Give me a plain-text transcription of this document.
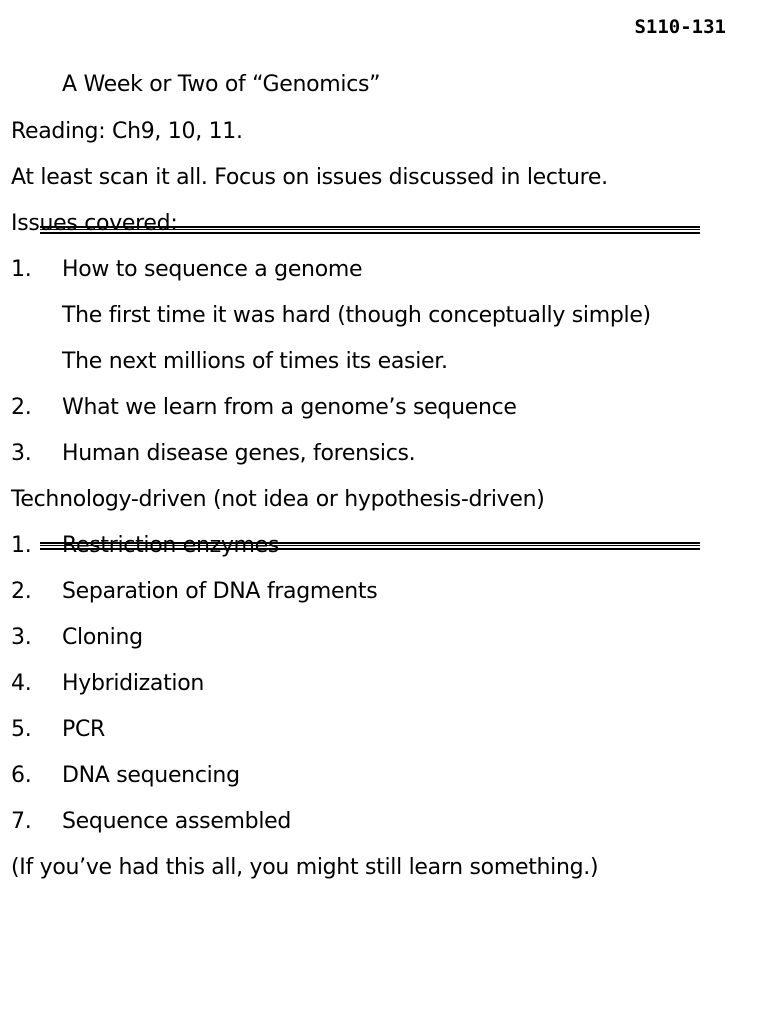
S110-131
A Week or Two of “Genomics”
Reading: Ch9, 10, 11.
At least scan it all. Focus on issues discussed in lecture.
Issues covered:
1. How to sequence a genome
The first time it was hard (though conceptually simple)
The next millions of times its easier.
2. What we learn from a genome’s sequence
3. Human disease genes, forensics.
Technology-driven (not idea or hypothesis-driven)
1. Restriction enzymes
2. Separation of DNA fragments
3. Cloning
4. Hybridization
5. PCR
6. DNA sequencing
7. Sequence assembled
(If you’ve had this all, you might still learn something.)
